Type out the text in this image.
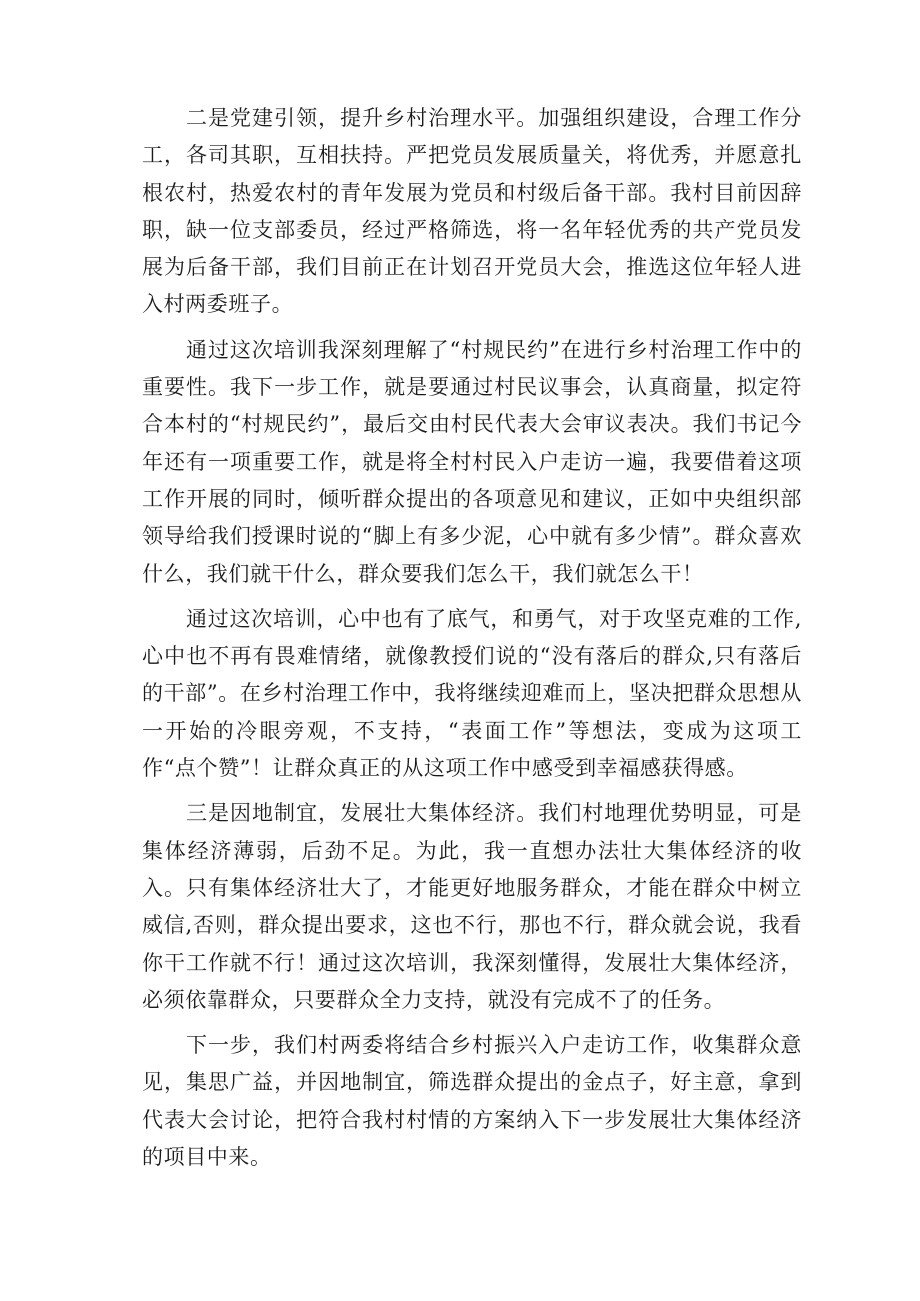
二是党建引领，提升乡村治理水平。加强组织建设，合理工作分工，各司其职，互相扶持。严把党员发展质量关，将优秀，并愿意扎根农村，热爱农村的青年发展为党员和村级后备干部。我村目前因辞职，缺一位支部委员，经过严格筛选，将一名年轻优秀的共产党员发展为后备干部，我们目前正在计划召开党员大会，推选这位年轻人进入村两委班子。

通过这次培训我深刻理解了“村规民约”在进行乡村治理工作中的重要性。我下一步工作，就是要通过村民议事会，认真商量，拟定符合本村的“村规民约”，最后交由村民代表大会审议表决。我们书记今年还有一项重要工作，就是将全村村民入户走访一遍，我要借着这项工作开展的同时，倾听群众提出的各项意见和建议，正如中央组织部领导给我们授课时说的“脚上有多少泥，心中就有多少情”。群众喜欢什么，我们就干什么，群众要我们怎么干，我们就怎么干！

通过这次培训，心中也有了底气，和勇气，对于攻坚克难的工作,心中也不再有畏难情绪，就像教授们说的“没有落后的群众,只有落后的干部”。在乡村治理工作中，我将继续迎难而上，坚决把群众思想从一开始的冷眼旁观，不支持，“表面工作”等想法，变成为这项工作“点个赞”！让群众真正的从这项工作中感受到幸福感获得感。

三是因地制宜，发展壮大集体经济。我们村地理优势明显，可是集体经济薄弱，后劲不足。为此，我一直想办法壮大集体经济的收入。只有集体经济壮大了，才能更好地服务群众，才能在群众中树立威信,否则，群众提出要求，这也不行，那也不行，群众就会说，我看你干工作就不行！通过这次培训，我深刻懂得，发展壮大集体经济，必须依靠群众，只要群众全力支持，就没有完成不了的任务。

下一步，我们村两委将结合乡村振兴入户走访工作，收集群众意见，集思广益，并因地制宜，筛选群众提出的金点子，好主意，拿到代表大会讨论，把符合我村村情的方案纳入下一步发展壮大集体经济的项目中来。
